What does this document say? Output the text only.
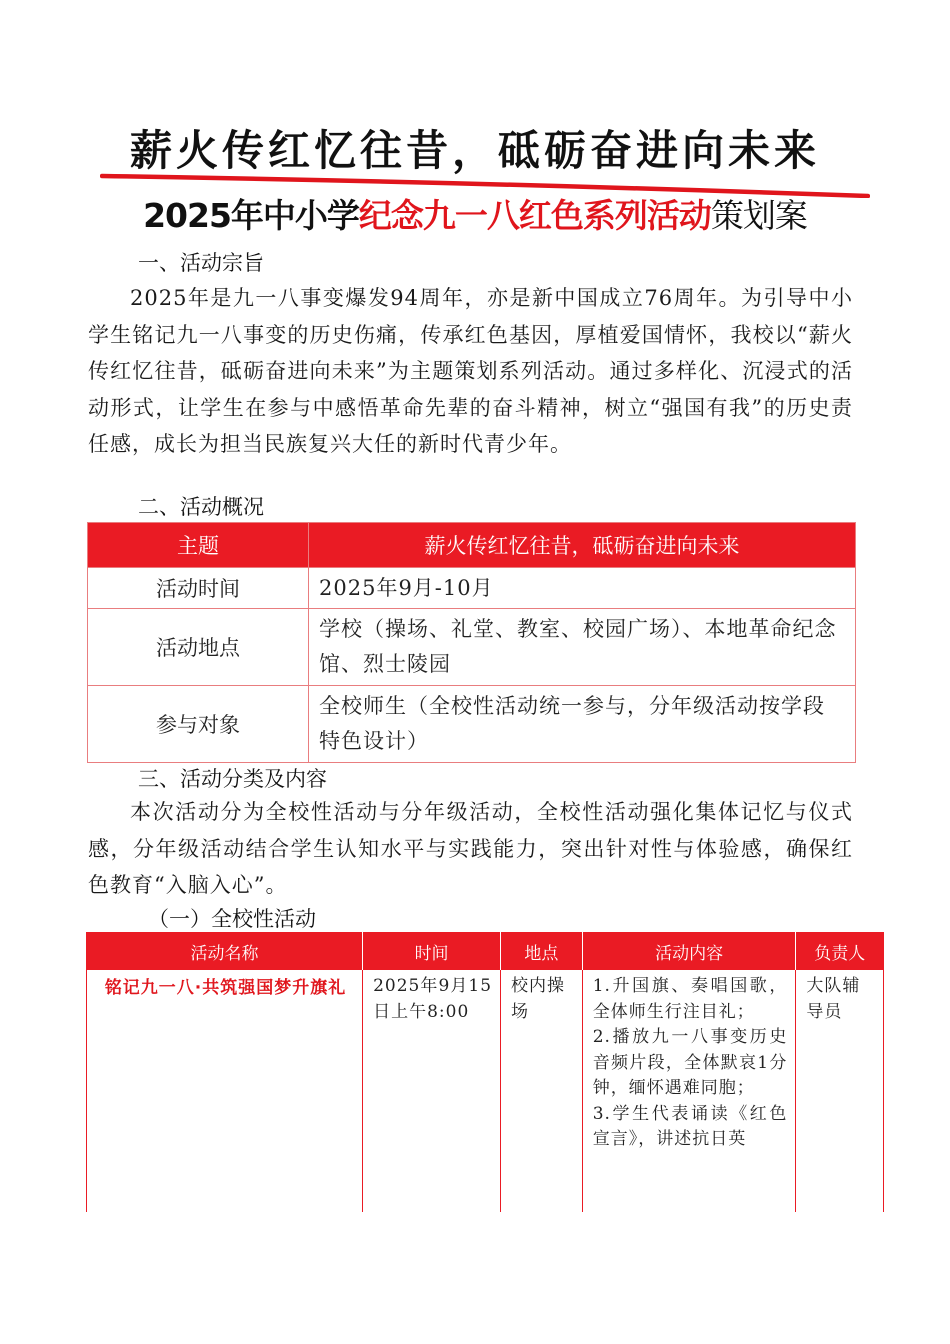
薪火传红忆往昔，砥砺奋进向未来
2025年中小学纪念九一八红色系列活动策划案
一、活动宗旨

2025年是九一八事变爆发94周年，亦是新中国成立76周年。为引导中小学生铭记九一八事变的历史伤痛，传承红色基因，厚植爱国情怀，我校以“薪火传红忆往昔，砥砺奋进向未来”为主题策划系列活动。通过多样化、沉浸式的活动形式，让学生在参与中感悟革命先辈的奋斗精神，树立“强国有我”的历史责任感，成长为担当民族复兴大任的新时代青少年。

二、活动概况
主题	薪火传红忆往昔，砥砺奋进向未来
活动时间	2025年9月-10月
活动地点	学校（操场、礼堂、教室、校园广场）、本地革命纪念馆、烈士陵园
参与对象	全校师生（全校性活动统一参与，分年级活动按学段特色设计）
三、活动分类及内容

本次活动分为全校性活动与分年级活动，全校性活动强化集体记忆与仪式感，分年级活动结合学生认知水平与实践能力，突出针对性与体验感，确保红色教育“入脑入心”。

（一）全校性活动
活动名称	时间	地点	活动内容	负责人
铭记九一八·共筑强国梦升旗礼	2025年9月15日上午8:00	校内操场	1.升国旗、奏唱国歌，全体师生行注目礼；
2.播放九一八事变历史音频片段，全体默哀1分钟，缅怀遇难同胞；
3.学生代表诵读《红色宣言》，讲述抗日英	大队辅导员
